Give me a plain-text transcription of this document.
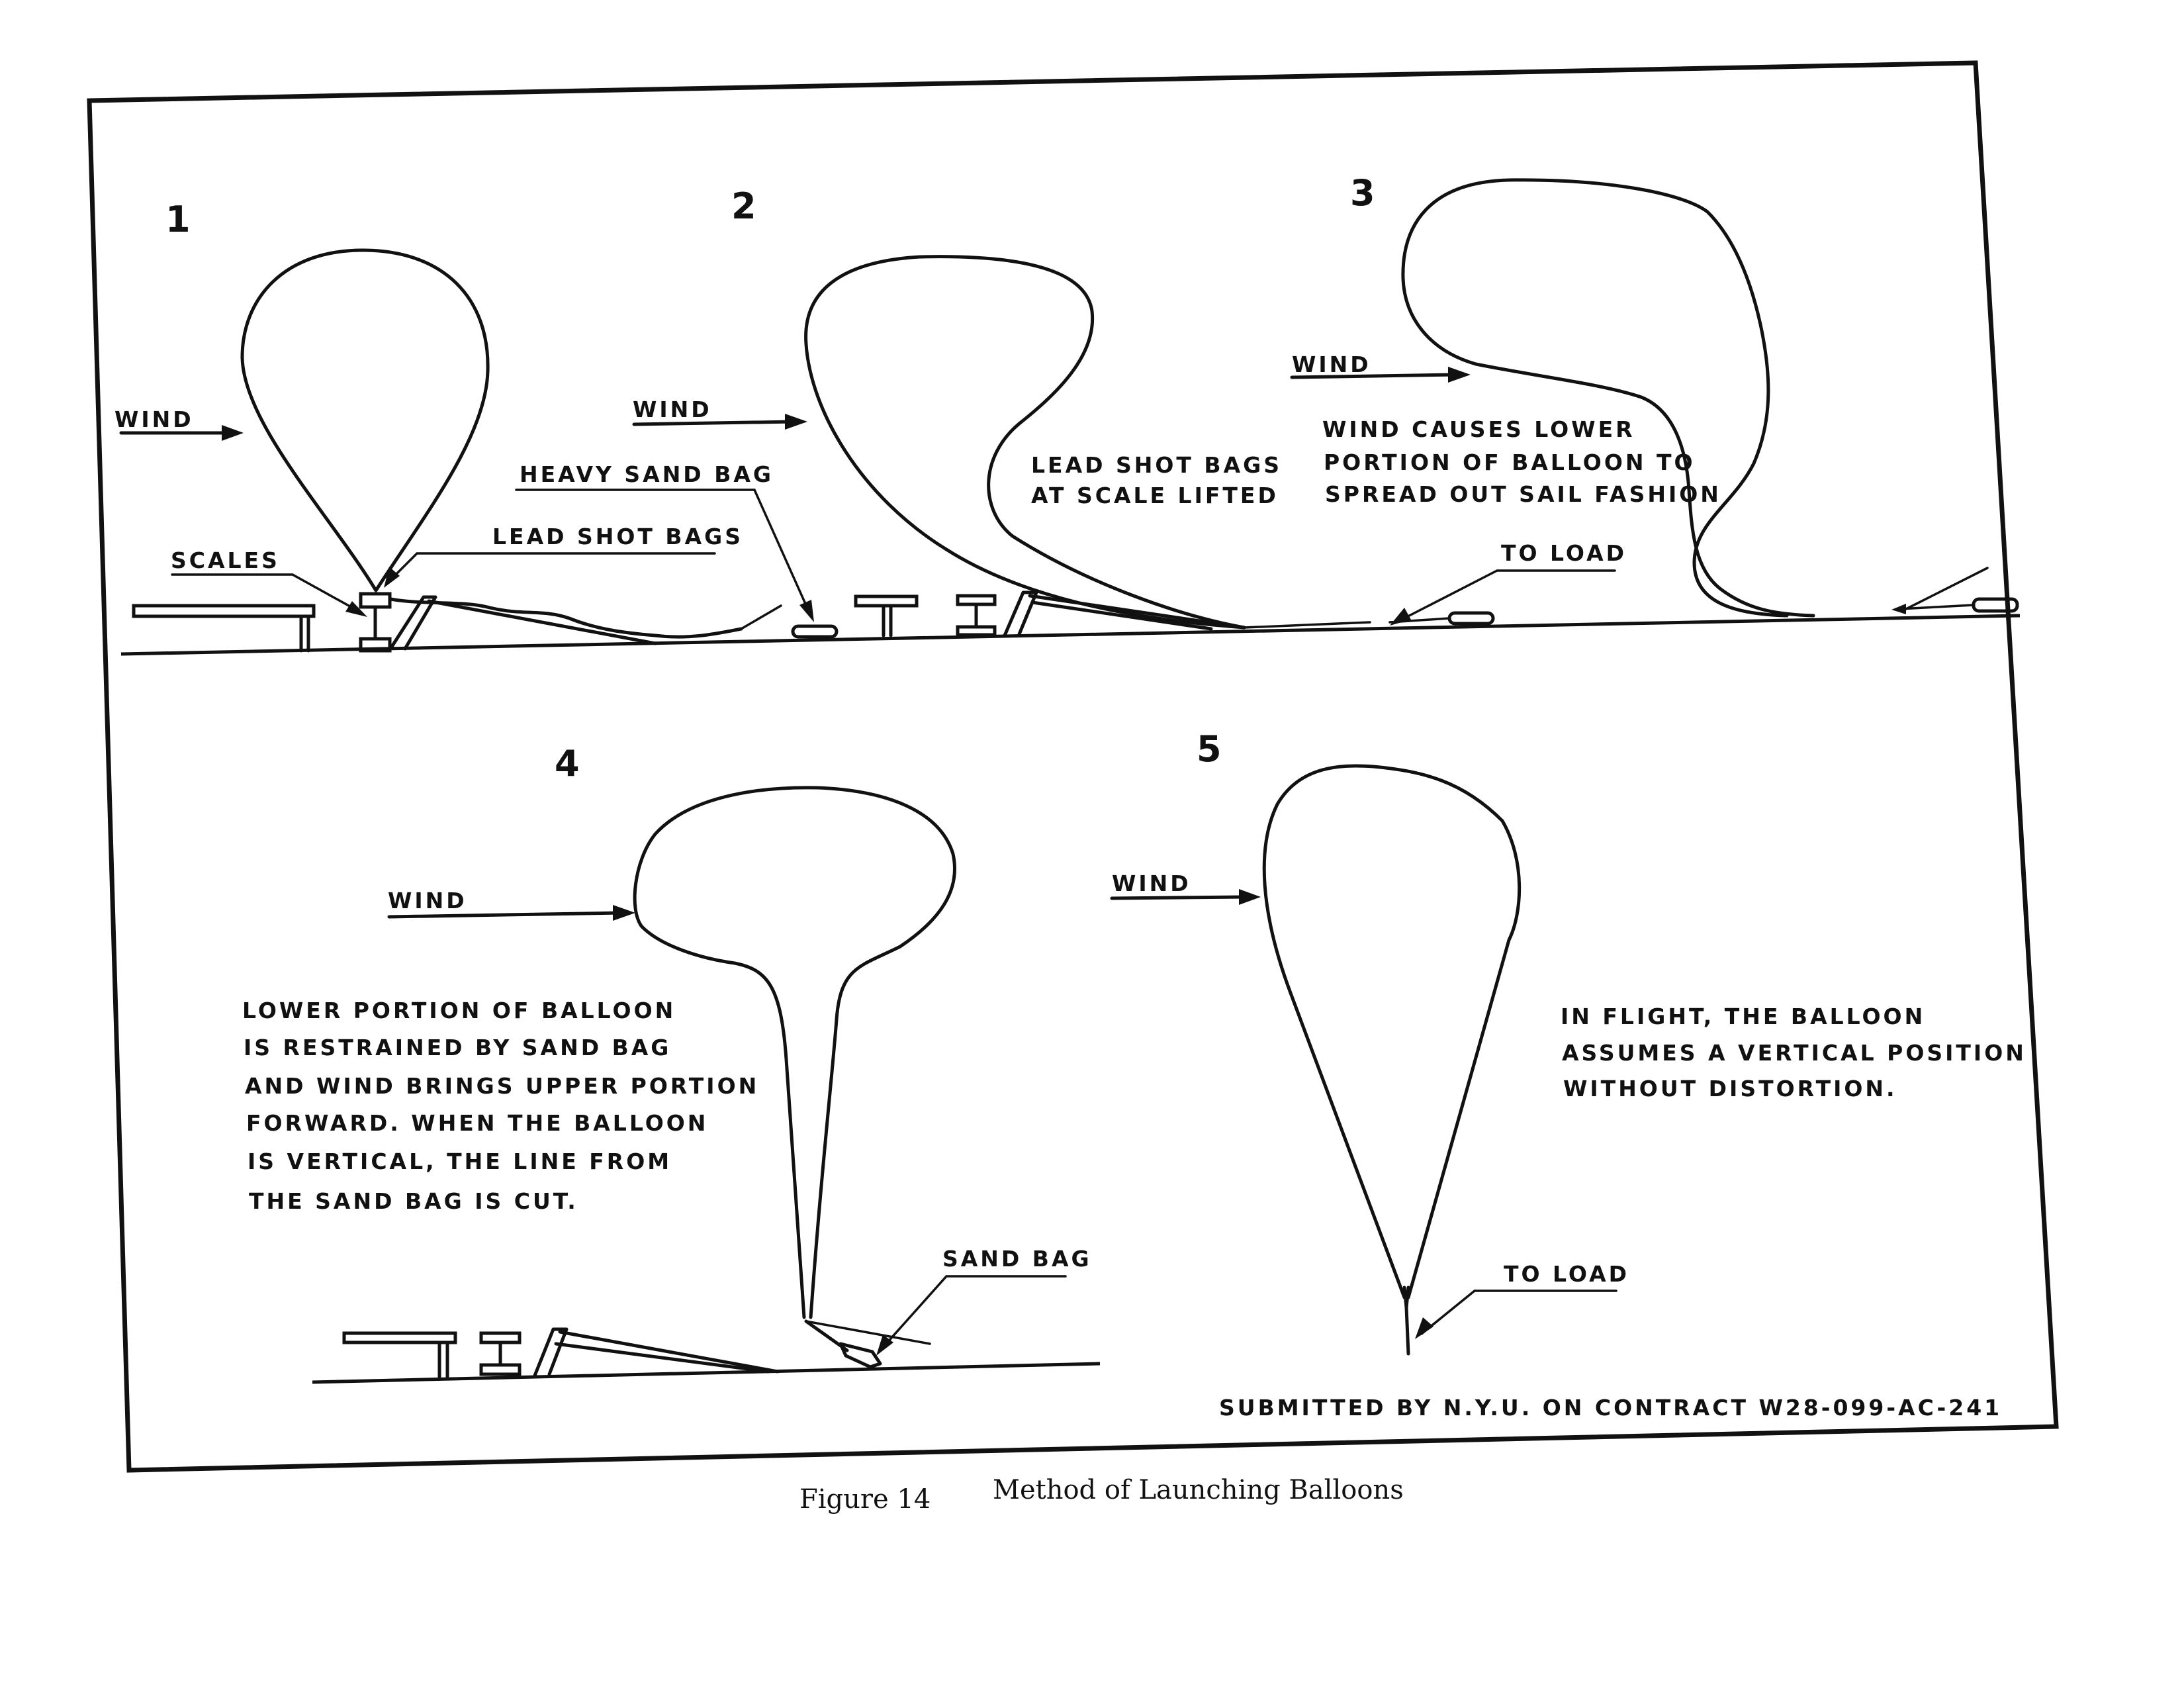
1
WIND
SCALES
LEAD SHOT BAGS
HEAVY SAND BAG
2
WIND
LEAD SHOT BAGS
AT SCALE LIFTED
3
WIND
WIND CAUSES LOWER
PORTION OF BALLOON TO
SPREAD OUT SAIL FASHION
TO LOAD
4
WIND
LOWER PORTION OF BALLOON
IS RESTRAINED BY SAND BAG
AND WIND BRINGS UPPER PORTION
FORWARD. WHEN THE BALLOON
IS VERTICAL, THE LINE FROM
THE SAND BAG IS CUT.
SAND BAG
5
WIND
IN FLIGHT, THE BALLOON
ASSUMES A VERTICAL POSITION
WITHOUT DISTORTION.
TO LOAD
SUBMITTED BY N.Y.U. ON CONTRACT W28-099-AC-241
Figure 14 Method of Launching Balloons
